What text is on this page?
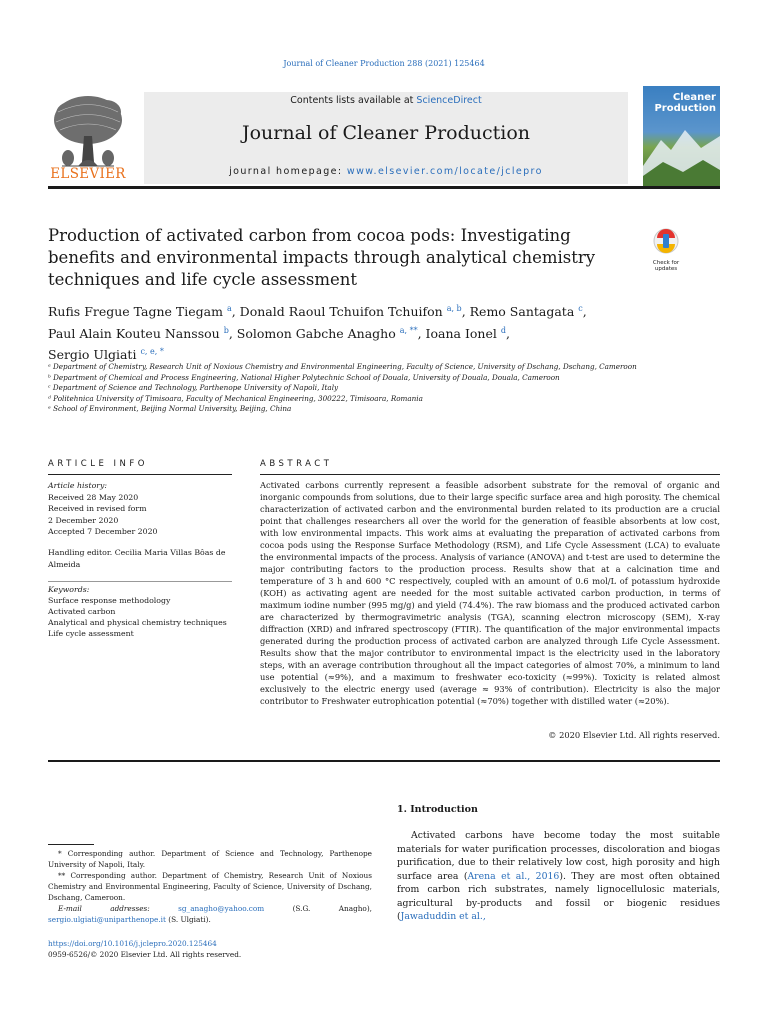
Journal of Cleaner Production 288 (2021) 125464
ELSEVIER
Contents lists available at ScienceDirect
Journal of Cleaner Production
journal homepage: www.elsevier.com/locate/jclepro
Cleaner
Production
Production of activated carbon from cocoa pods: Investigating benefits and environmental impacts through analytical chemistry techniques and life cycle assessment
Check for
updates
Rufis Fregue Tagne Tiegam $^a$, Donald Raoul Tchuifon Tchuifon $^{a, b}$, Remo Santagata $^c$,
Paul Alain Kouteu Nanssou $^b$, Solomon Gabche Anagho $^{a, **}$, Ioana Ionel $^d$,
Sergio Ulgiati $^{c, e, *}$
ᵃ Department of Chemistry, Research Unit of Noxious Chemistry and Environmental Engineering, Faculty of Science, University of Dschang, Dschang, Cameroon
ᵇ Department of Chemical and Process Engineering, National Higher Polytechnic School of Douala, University of Douala, Douala, Cameroon
ᶜ Department of Science and Technology, Parthenope University of Napoli, Italy
ᵈ Politehnica University of Timisoara, Faculty of Mechanical Engineering, 300222, Timisoara, Romania
ᵉ School of Environment, Beijing Normal University, Beijing, China
ARTICLE INFO
Article history:
Received 28 May 2020
Received in revised form
2 December 2020
Accepted 7 December 2020
Handling editor. Cecilia Maria Villas Bôas de Almeida
Keywords:
Surface response methodology
Activated carbon
Analytical and physical chemistry techniques
Life cycle assessment
ABSTRACT
Activated carbons currently represent a feasible adsorbent substrate for the removal of organic and inorganic compounds from solutions, due to their large specific surface area and high porosity. The chemical characterization of activated carbon and the environmental burden related to its production are a crucial point that challenges researchers all over the world for the generation of feasible absorbents at low cost, with low environmental impacts. This work aims at evaluating the preparation of activated carbons from cocoa pods using the Response Surface Methodology (RSM), and Life Cycle Assessment (LCA) to evaluate the environmental impacts of the process. Analysis of variance (ANOVA) and t-test are used to determine the major contributing factors to the production process. Results show that at a calcination time and temperature of 3 h and 600 °C respectively, coupled with an amount of 0.6 mol/L of potassium hydroxide (KOH) as activating agent are needed for the most suitable activated carbon production, in terms of maximum iodine number (995 mg/g) and yield (74.4%). The raw biomass and the produced activated carbon are characterized by thermogravimetric analysis (TGA), scanning electron microscopy (SEM), X-ray diffraction (XRD) and infrared spectroscopy (FTIR). The quantification of the major environmental impacts generated during the production process of activated carbon are analyzed through Life Cycle Assessment. Results show that the major contributor to environmental impact is the electricity used in the laboratory steps, with an average contribution throughout all the impact categories of almost 70%, a minimum to land use potential (≈9%), and a maximum to freshwater eco-toxicity (≈99%). Toxicity is related almost exclusively to the electric energy used (average ≈ 93% of contribution). Electricity is also the major contributor to Freshwater eutrophication potential (≈70%) together with distilled water (≈20%).
© 2020 Elsevier Ltd. All rights reserved.

* Corresponding author. Department of Science and Technology, Parthenope University of Napoli, Italy.

** Corresponding author. Department of Chemistry, Research Unit of Noxious Chemistry and Environmental Engineering, Faculty of Science, University of Dschang, Dschang, Cameroon.

E-mail addresses: sg_anagho@yahoo.com (S.G. Anagho), sergio.ulgiati@uniparthenope.it (S. Ulgiati).

https://doi.org/10.1016/j.jclepro.2020.125464
0959-6526/© 2020 Elsevier Ltd. All rights reserved.
1. Introduction
Activated carbons have become today the most suitable materials for water purification processes, discoloration and biogas purification, due to their relatively low cost, high porosity and high surface area (Arena et al., 2016). They are most often obtained from carbon rich substrates, namely lignocellulosic materials, agricultural by-products and fossil or biogenic residues (Jawaduddin et al.,
